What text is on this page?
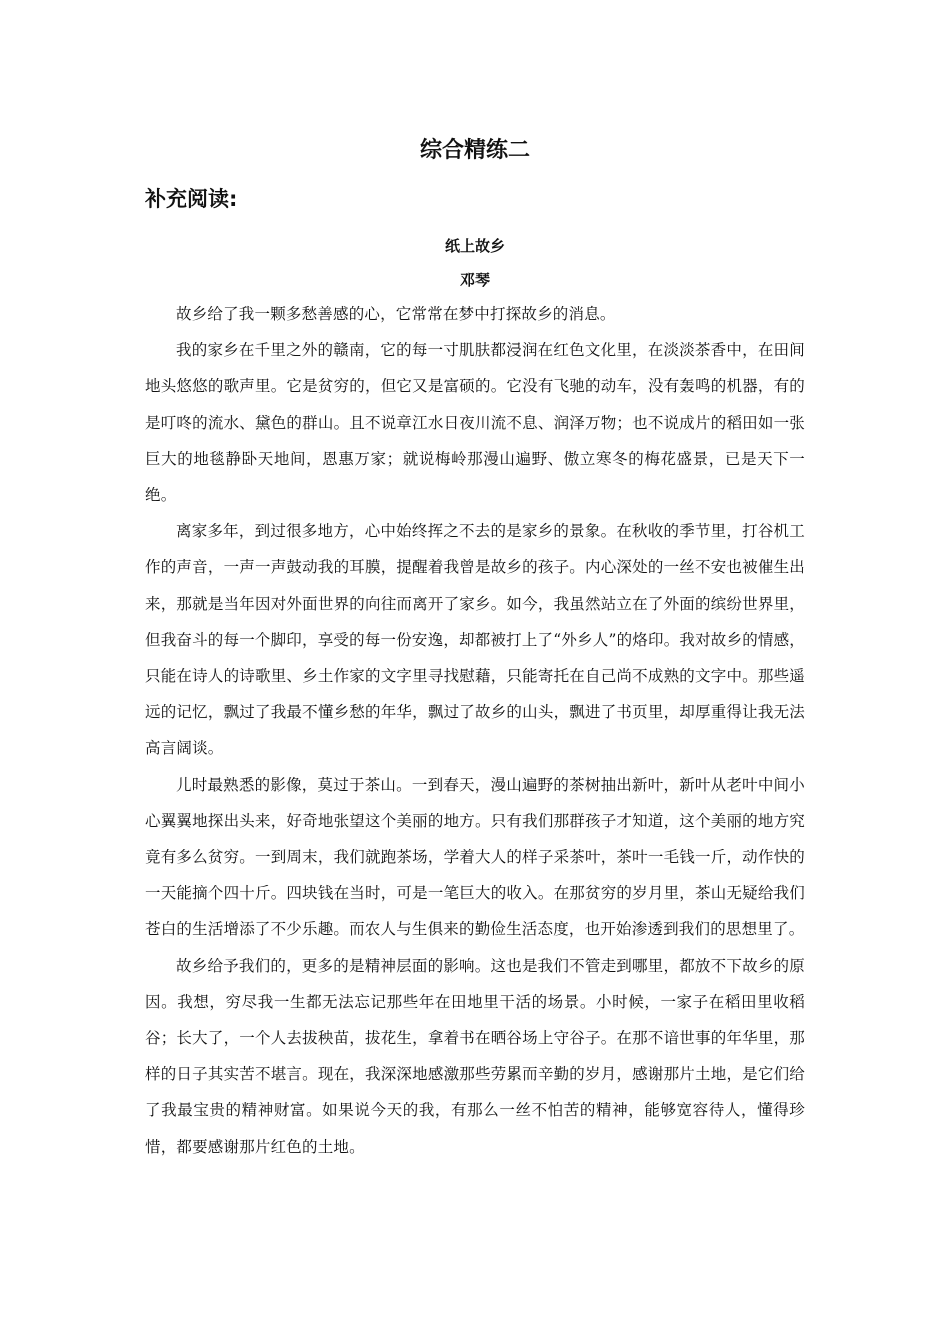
综合精练二
补充阅读:
纸上故乡
邓琴

故乡给了我一颗多愁善感的心，它常常在梦中打探故乡的消息。

我的家乡在千里之外的赣南，它的每一寸肌肤都浸润在红色文化里，在淡淡茶香中，在田间地头悠悠的歌声里。它是贫穷的，但它又是富硕的。它没有飞驰的动车，没有轰鸣的机器，有的是叮咚的流水、黛色的群山。且不说章江水日夜川流不息、润泽万物；也不说成片的稻田如一张巨大的地毯静卧天地间，恩惠万家；就说梅岭那漫山遍野、傲立寒冬的梅花盛景，已是天下一绝。

离家多年，到过很多地方，心中始终挥之不去的是家乡的景象。在秋收的季节里，打谷机工作的声音，一声一声鼓动我的耳膜，提醒着我曾是故乡的孩子。内心深处的一丝不安也被催生出来，那就是当年因对外面世界的向往而离开了家乡。如今，我虽然站立在了外面的缤纷世界里，但我奋斗的每一个脚印，享受的每一份安逸，却都被打上了“外乡人”的烙印。我对故乡的情感，只能在诗人的诗歌里、乡土作家的文字里寻找慰藉，只能寄托在自己尚不成熟的文字中。那些遥远的记忆，飘过了我最不懂乡愁的年华，飘过了故乡的山头，飘进了书页里，却厚重得让我无法高言阔谈。

儿时最熟悉的影像，莫过于茶山。一到春天，漫山遍野的茶树抽出新叶，新叶从老叶中间小心翼翼地探出头来，好奇地张望这个美丽的地方。只有我们那群孩子才知道，这个美丽的地方究竟有多么贫穷。一到周末，我们就跑茶场，学着大人的样子采茶叶，茶叶一毛钱一斤，动作快的一天能摘个四十斤。四块钱在当时，可是一笔巨大的收入。在那贫穷的岁月里，茶山无疑给我们苍白的生活增添了不少乐趣。而农人与生俱来的勤俭生活态度，也开始渗透到我们的思想里了。

故乡给予我们的，更多的是精神层面的影响。这也是我们不管走到哪里，都放不下故乡的原因。我想，穷尽我一生都无法忘记那些年在田地里干活的场景。小时候，一家子在稻田里收稻谷；长大了，一个人去拔秧苗，拔花生，拿着书在晒谷场上守谷子。在那不谙世事的年华里，那样的日子其实苦不堪言。现在，我深深地感激那些劳累而辛勤的岁月，感谢那片土地，是它们给了我最宝贵的精神财富。如果说今天的我，有那么一丝不怕苦的精神，能够宽容待人，懂得珍惜，都要感谢那片红色的土地。
